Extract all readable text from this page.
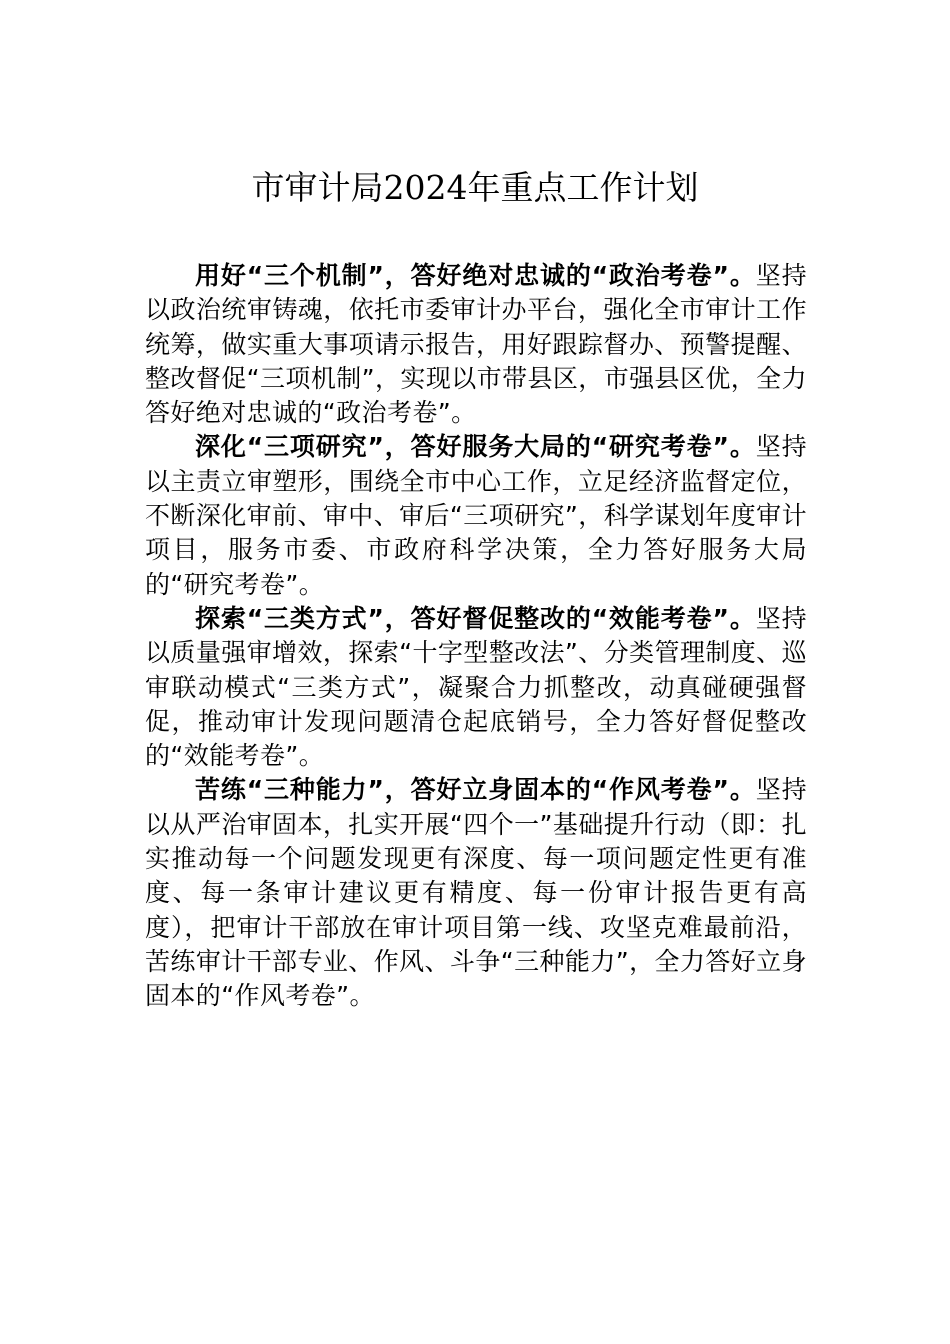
市审计局2024年重点工作计划

用好“三个机制”，答好绝对忠诚的“政治考卷”。坚持以政治统审铸魂，依托市委审计办平台，强化全市审计工作统筹，做实重大事项请示报告，用好跟踪督办、预警提醒、整改督促“三项机制”，实现以市带县区，市强县区优，全力答好绝对忠诚的“政治考卷”。

深化“三项研究”，答好服务大局的“研究考卷”。坚持以主责立审塑形，围绕全市中心工作，立足经济监督定位，不断深化审前、审中、审后“三项研究”，科学谋划年度审计项目，服务市委、市政府科学决策，全力答好服务大局的“研究考卷”。

探索“三类方式”，答好督促整改的“效能考卷”。坚持以质量强审增效，探索“十字型整改法”、分类管理制度、巡审联动模式“三类方式”，凝聚合力抓整改，动真碰硬强督促，推动审计发现问题清仓起底销号，全力答好督促整改的“效能考卷”。

苦练“三种能力”，答好立身固本的“作风考卷”。坚持以从严治审固本，扎实开展“四个一”基础提升行动（即：扎实推动每一个问题发现更有深度、每一项问题定性更有准度、每一条审计建议更有精度、每一份审计报告更有高度），把审计干部放在审计项目第一线、攻坚克难最前沿，苦练审计干部专业、作风、斗争“三种能力”，全力答好立身固本的“作风考卷”。
